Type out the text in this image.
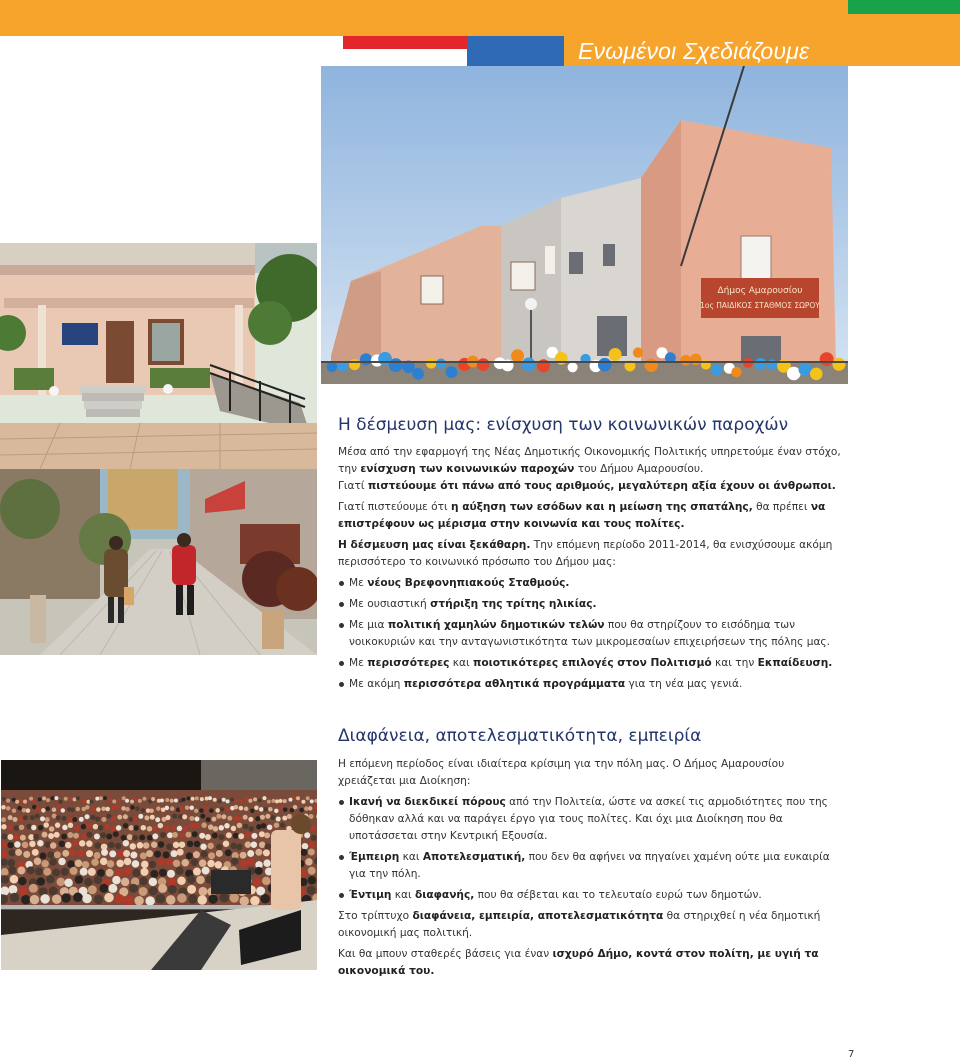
Ενωμένοι Σχεδιάζουμε
Δήμος Αμαρουσίου
1ος ΠΑΙΔΙΚΟΣ ΣΤΑΘΜΟΣ ΣΩΡΟΥ
Η δέσμευση μας: ενίσχυση των κοινωνικών παροχών

Μέσα από την εφαρμογή της Νέας Δημοτικής Οικονομικής Πολιτικής υπηρετούμε έναν στόχο, την ενίσχυση των κοινωνικών παροχών του Δήμου Αμαρουσίου.

Γιατί πιστεύουμε ότι πάνω από τους αριθμούς, μεγαλύτερη αξία έχουν οι άνθρωποι.

Γιατί πιστεύουμε ότι η αύξηση των εσόδων και η μείωση της σπατάλης, θα πρέπει να επιστρέφουν ως μέρισμα στην κοινωνία και τους πολίτες.

Η δέσμευση μας είναι ξεκάθαρη. Την επόμενη περίοδο 2011-2014, θα ενισχύσουμε ακόμη περισσότερο το κοινωνικό πρόσωπο του Δήμου μας:

Με νέους Βρεφονηπιακούς Σταθμούς.
Με ουσιαστική στήριξη της τρίτης ηλικίας.
Με μια πολιτική χαμηλών δημοτικών τελών που θα στηρίζουν το εισόδημα των νοικοκυριών και την ανταγωνιστικότητα των μικρομεσαίων επιχειρήσεων της πόλης μας.
Με περισσότερες και ποιοτικότερες επιλογές στον Πολιτισμό και την Εκπαίδευση.
Με ακόμη περισσότερα αθλητικά προγράμματα για τη νέα μας γενιά.
Διαφάνεια, αποτελεσματικότητα, εμπειρία

Η επόμενη περίοδος είναι ιδιαίτερα κρίσιμη για την πόλη μας. Ο Δήμος Αμαρουσίου χρειάζεται μια Διοίκηση:

Ικανή να διεκδικεί πόρους από την Πολιτεία, ώστε να ασκεί τις αρμοδιότητες που της δόθηκαν αλλά και να παράγει έργο για τους πολίτες. Και όχι μια Διοίκηση που θα υποτάσσεται στην Κεντρική Εξουσία.
Έμπειρη και Αποτελεσματική, που δεν θα αφήνει να πηγαίνει χαμένη ούτε μια ευκαιρία για την πόλη.
Έντιμη και διαφανής, που θα σέβεται και το τελευταίο ευρώ των δημοτών.

Στο τρίπτυχο διαφάνεια, εμπειρία, αποτελεσματικότητα θα στηριχθεί η νέα δημοτική οικονομική μας πολιτική.

Και θα μπουν σταθερές βάσεις για έναν ισχυρό Δήμο, κοντά στον πολίτη, με υγιή τα οικονομικά του.

7
